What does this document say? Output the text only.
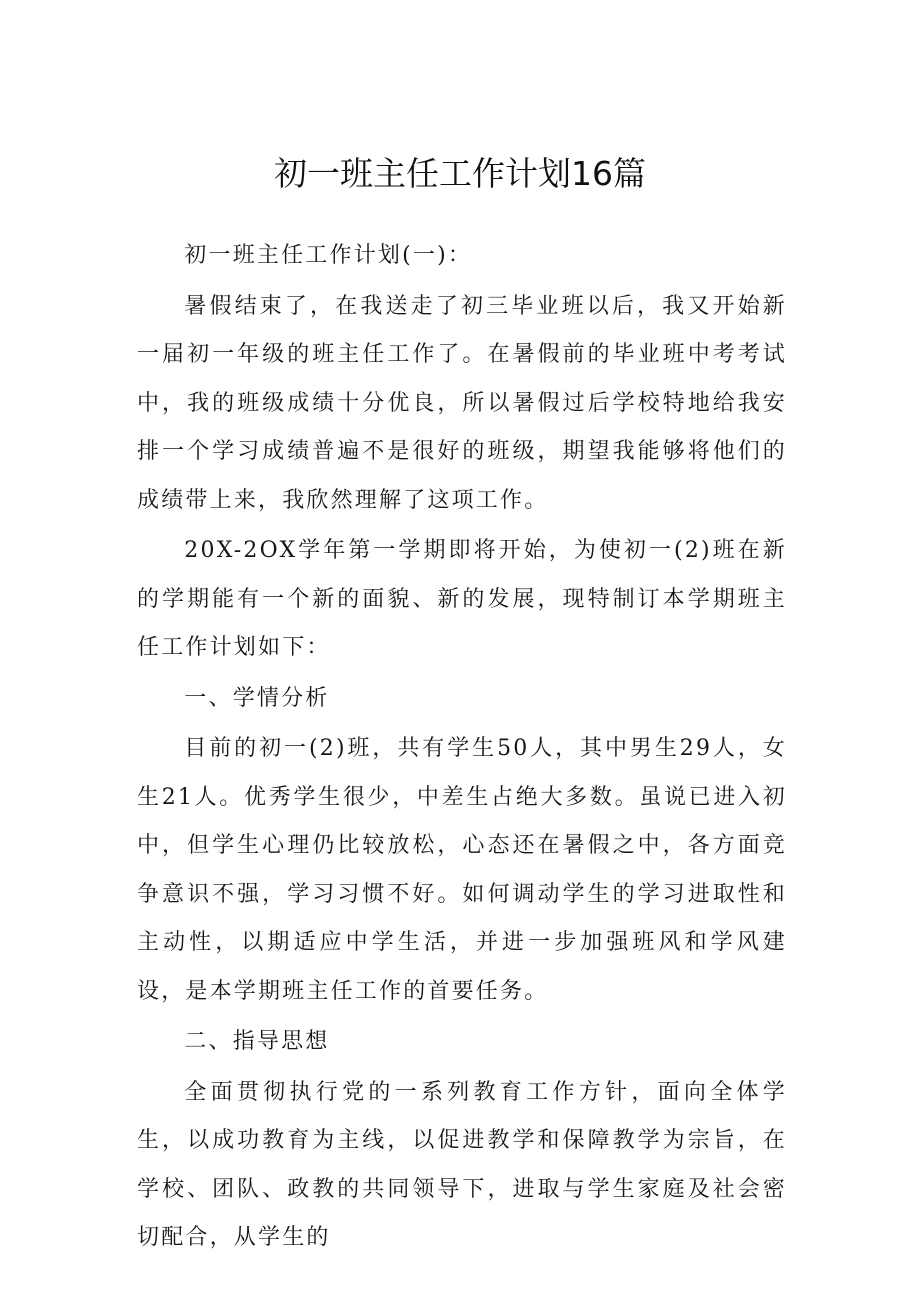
初一班主任工作计划16篇

初一班主任工作计划(一)：

暑假结束了，在我送走了初三毕业班以后，我又开始新一届初一年级的班主任工作了。在暑假前的毕业班中考考试中，我的班级成绩十分优良，所以暑假过后学校特地给我安排一个学习成绩普遍不是很好的班级，期望我能够将他们的成绩带上来，我欣然理解了这项工作。

20X-2OX学年第一学期即将开始，为使初一(2)班在新的学期能有一个新的面貌、新的发展，现特制订本学期班主任工作计划如下：

一、学情分析

目前的初一(2)班，共有学生50人，其中男生29人，女生21人。优秀学生很少，中差生占绝大多数。虽说已进入初中，但学生心理仍比较放松，心态还在暑假之中，各方面竞争意识不强，学习习惯不好。如何调动学生的学习进取性和主动性，以期适应中学生活，并进一步加强班风和学风建设，是本学期班主任工作的首要任务。

二、指导思想

全面贯彻执行党的一系列教育工作方针，面向全体学生，以成功教育为主线，以促进教学和保障教学为宗旨，在学校、团队、政教的共同领导下，进取与学生家庭及社会密切配合，从学生的
